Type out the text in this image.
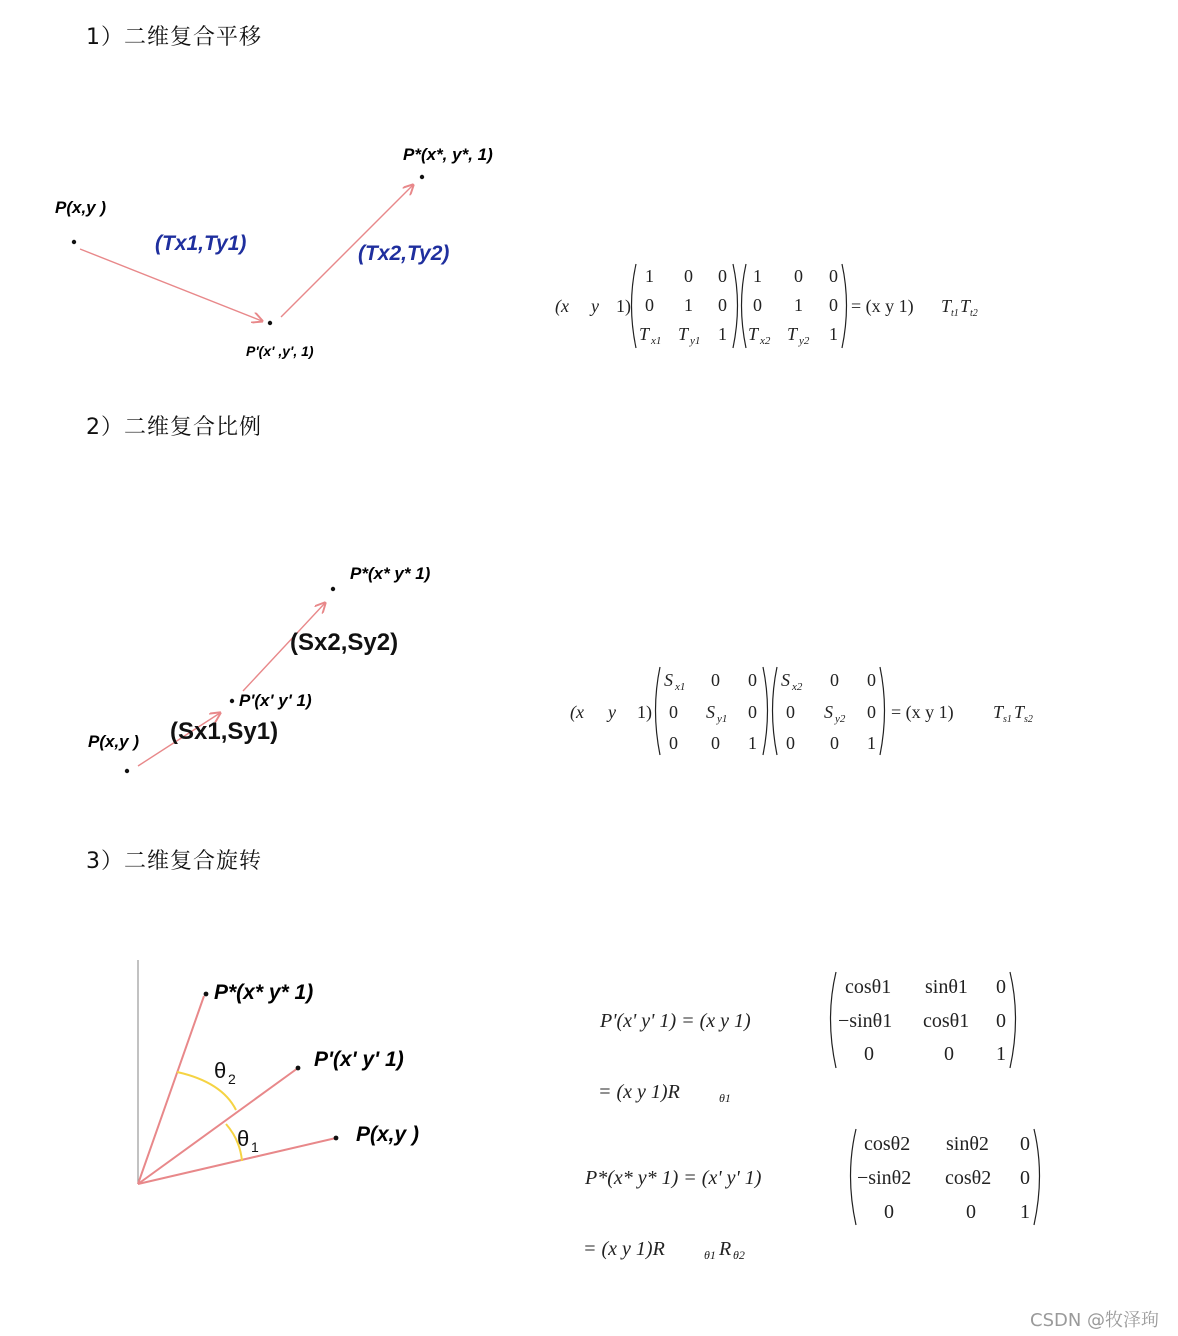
1）二维复合平移
2）二维复合比例
3）二维复合旋转
P(x,y )
P'(x' ,y', 1)
P*(x*, y*, 1)
(Tx1,Ty1)	(Tx2,Ty2)
(x y 1)
1 0 0
0 1 0
T x1 T y1 1
1 0 0
0 1 0
T x2 T y2 1
= (x y 1) T t1 T t2
P(x,y )
P'(x' y' 1)
P*(x* y* 1)
(Sx1,Sy1)
(Sx2,Sy2)
(x y 1)
S x1 0 0
0 S y1 0
0 0 1
S x2 0 0
0 S y2 0
0 0 1
= (x y 1) T s1 T s2
P*(x* y* 1)
P'(x' y' 1)
P(x,y )
θ 2
θ 1
P'(x' y' 1) = (x y 1)
cosθ1 sinθ1 0
−sinθ1 cosθ1 0
0	0 1
= (x y 1)R	θ1
P*(x* y* 1) = (x' y' 1)
cosθ2 sinθ2 0
−sinθ2 cosθ2 0
0	0 1
= (x y 1)R	θ1 R θ2
CSDN @牧泽珣
